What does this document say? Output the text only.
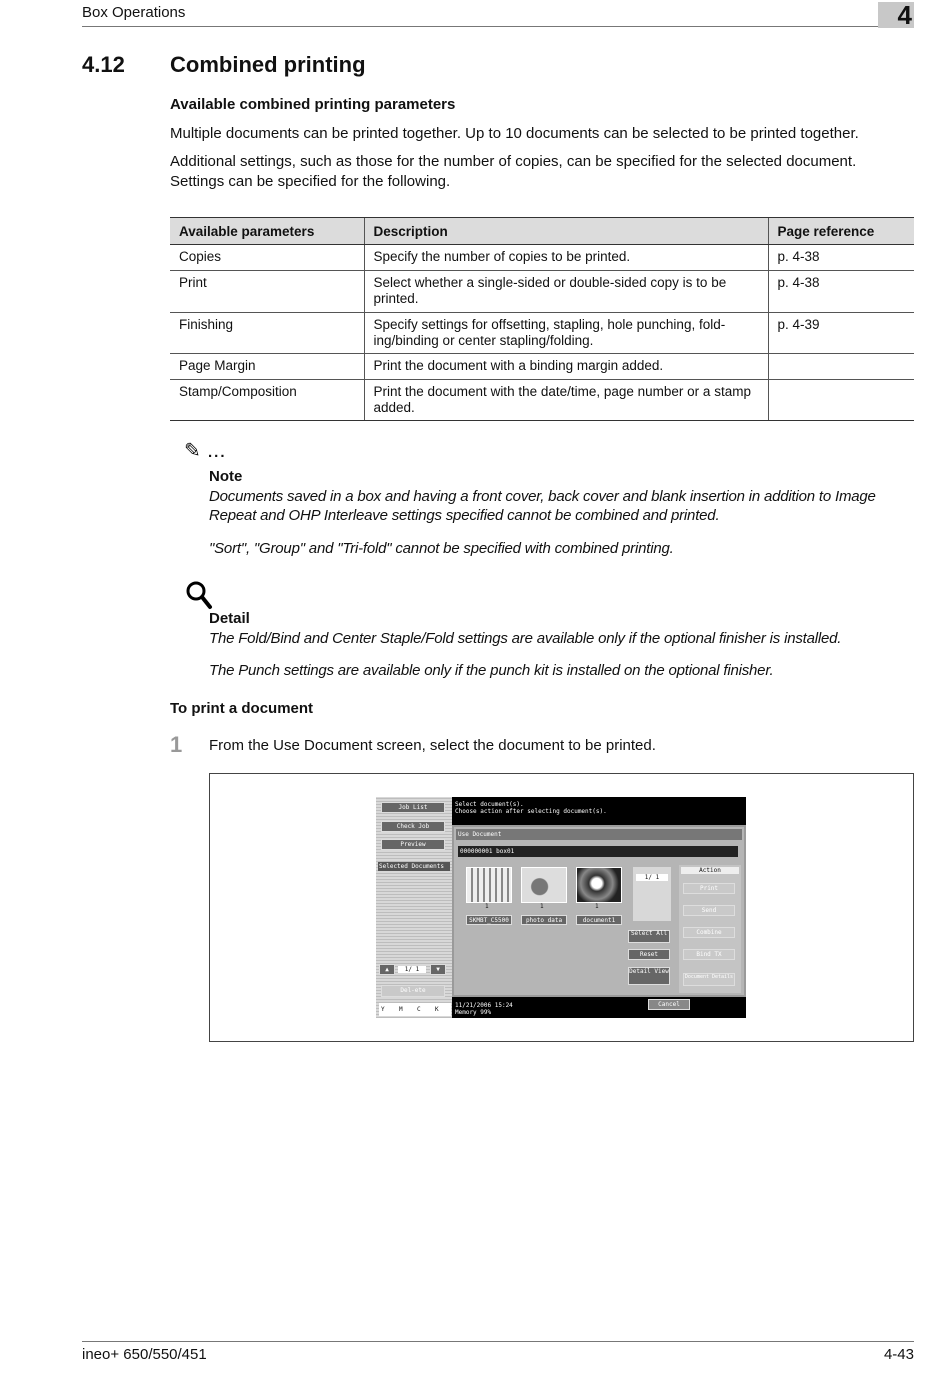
Box Operations	4
4.12 Combined printing
Available combined printing parameters
Multiple documents can be printed together. Up to 10 documents can be selected to be printed together.
Additional settings, such as those for the number of copies, can be specified for the selected document. Settings can be specified for the following.
Available parameters	Description	Page reference
Copies	Specify the number of copies to be printed.	p. 4-38
Print	Select whether a single-sided or double-sided copy is to be printed.	p. 4-38
Finishing	Specify settings for offsetting, stapling, hole punching, fold-ing/binding or center stapling/folding.	p. 4-39
Page Margin	Print the document with a binding margin added.	
Stamp/Composition	Print the document with the date/time, page number or a stamp added.	
✎ ...
Note
Documents saved in a box and having a front cover, back cover and blank insertion in addition to Image Repeat and OHP Interleave settings specified cannot be combined and printed.
"Sort", "Group" and "Tri-fold" cannot be specified with combined printing.
Detail
The Fold/Bind and Center Staple/Fold settings are available only if the optional finisher is installed.
The Punch settings are available only if the punch kit is installed on the optional finisher.
To print a document
1 From the Use Document screen, select the document to be printed.
Job List
Check Job
Preview
Selected Documents
▲	1/ 1	▼
Del-ete
Y M C K
Select document(s).
Choose action after selecting document(s).
Use Document
000000001 box01
1	1	1
SKMBT_C5500	photo data	document1
1/ 1
Action
Print
Send
Combine
Bind TX
Document Details
Select All
Reset
Detail View
11/21/2006 15:24
Memory 99%
Cancel
ineo+ 650/550/451	4-43
